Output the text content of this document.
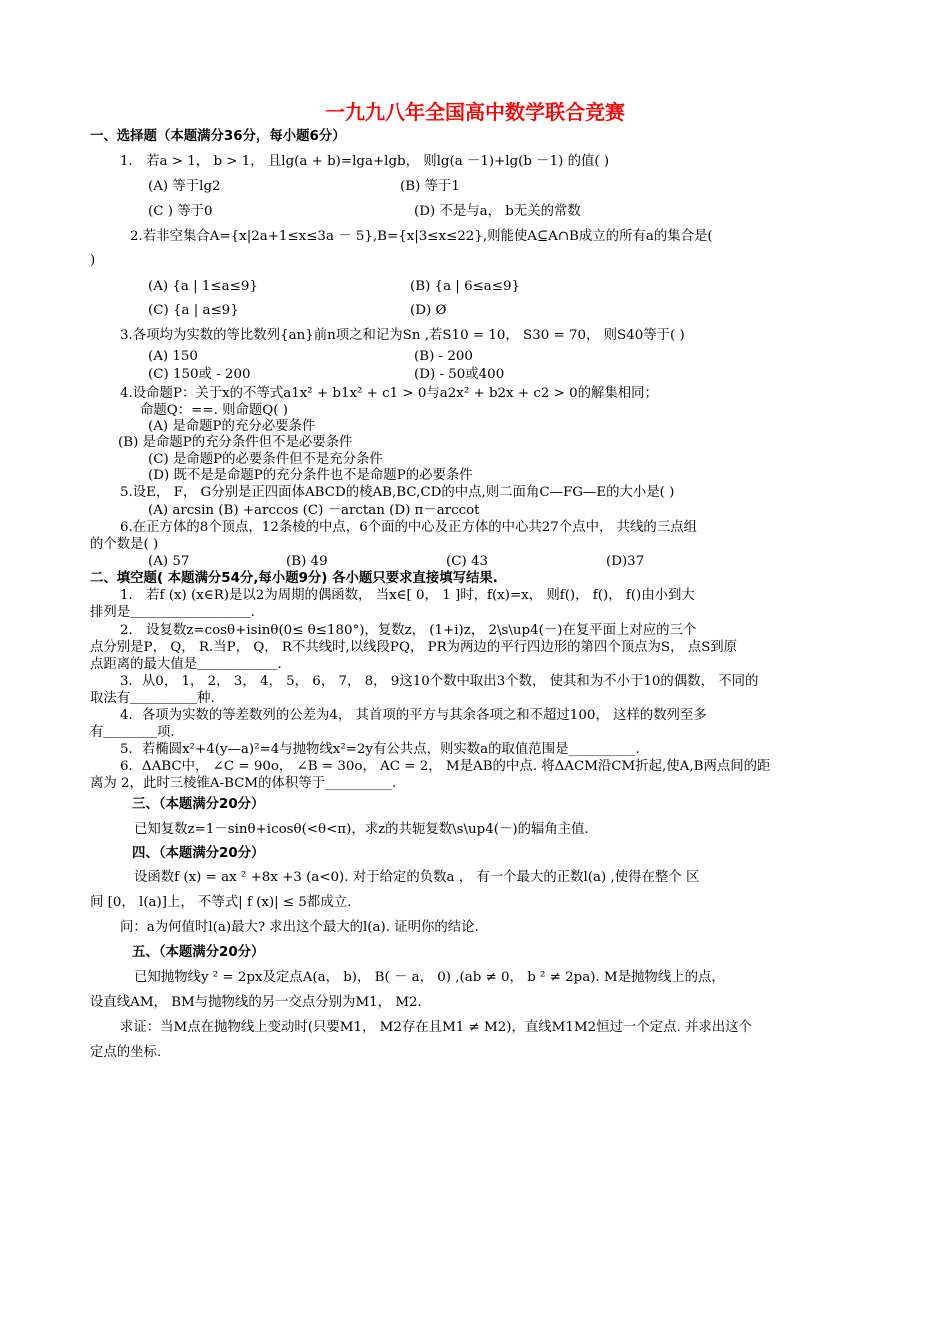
一九九八年全国高中数学联合竞赛
一、选择题（本题满分36分，每小题6分）
1． 若a > 1， b > 1， 且lg(a + b)=lga+lgb， 则lg(a －1)+lg(b －1) 的值( )
(A) 等于lg2	(B) 等于1
(C ) 等于0	(D) 不是与a， b无关的常数
2.若非空集合A={x|2a+1≤x≤3a － 5},B={x|3≤x≤22},则能使A⊆A∩B成立的所有a的集合是(
)
(A) {a | 1≤a≤9}	(B) {a | 6≤a≤9}
(C) {a | a≤9}	(D) Ø
3.各项均为实数的等比数列{an}前n项之和记为Sn ,若S10 = 10， S30 = 70， 则S40等于( )
(A) 150	(B) - 200
(C) 150或 - 200	(D) - 50或400
4.设命题P：关于x的不等式a1x² + b1x² + c1 > 0与a2x² + b2x + c2 > 0的解集相同；
命题Q：==. 则命题Q( )
(A) 是命题P的充分必要条件
(B) 是命题P的充分条件但不是必要条件
(C) 是命题P的必要条件但不是充分条件
(D) 既不是是命题P的充分条件也不是命题P的必要条件
5.设E， F， G分别是正四面体ABCD的棱AB,BC,CD的中点,则二面角C—FG—E的大小是( )
(A) arcsin (B) +arccos (C) －arctan (D) π－arccot
6.在正方体的8个顶点，12条棱的中点，6个面的中心及正方体的中心共27个点中， 共线的三点组
的个数是( )
(A) 57	(B) 49	(C) 43	(D)37
二、填空题( 本题满分54分,每小题9分) 各小题只要求直接填写结果.
1． 若f (x) (x∈R)是以2为周期的偶函数， 当x∈[ 0， 1 ]时，f(x)=x， 则f()， f()， f()由小到大
排列是＿＿＿＿＿＿＿＿＿.
2． 设复数z=cosθ+isinθ(0≤ θ≤180°)，复数z， (1+i)z， 2\s\up4(－)在复平面上对应的三个
点分别是P， Q， R.当P， Q， R不共线时,以线段PQ， PR为两边的平行四边形的第四个顶点为S， 点S到原
点距离的最大值是＿＿＿＿＿＿.
3．从0， 1， 2， 3， 4， 5， 6， 7， 8， 9这10个数中取出3个数， 使其和为不小于10的偶数， 不同的
取法有＿＿＿＿＿种.
4．各项为实数的等差数列的公差为4， 其首项的平方与其余各项之和不超过100， 这样的数列至多
有＿＿＿＿项.
5．若椭圆x²+4(y—a)²=4与抛物线x²=2y有公共点，则实数a的取值范围是__________.
6．ΔABC中， ∠C = 90o， ∠B = 30o， AC = 2， M是AB的中点. 将ΔACM沿CM折起,使A,B两点间的距
离为 2，此时三棱锥A-BCM的体积等于__________.
三、（本题满分20分）
已知复数z=1－sinθ+icosθ(<θ<π)，求z的共轭复数\s\up4(－)的辐角主值.
四、（本题满分20分）
设函数f (x) = ax ² +8x +3 (a<0). 对于给定的负数a ， 有一个最大的正数l(a) ,使得在整个 区
间 [0， l(a)]上， 不等式| f (x)| ≤ 5都成立.
问：a为何值时l(a)最大? 求出这个最大的l(a). 证明你的结论.
五、（本题满分20分）
已知抛物线y ² = 2px及定点A(a， b)， B( － a， 0) ,(ab ≠ 0， b ² ≠ 2pa). M是抛物线上的点，
设直线AM， BM与抛物线的另一交点分别为M1， M2.
求证：当M点在抛物线上变动时(只要M1， M2存在且M1 ≠ M2)，直线M1M2恒过一个定点. 并求出这个
定点的坐标.
